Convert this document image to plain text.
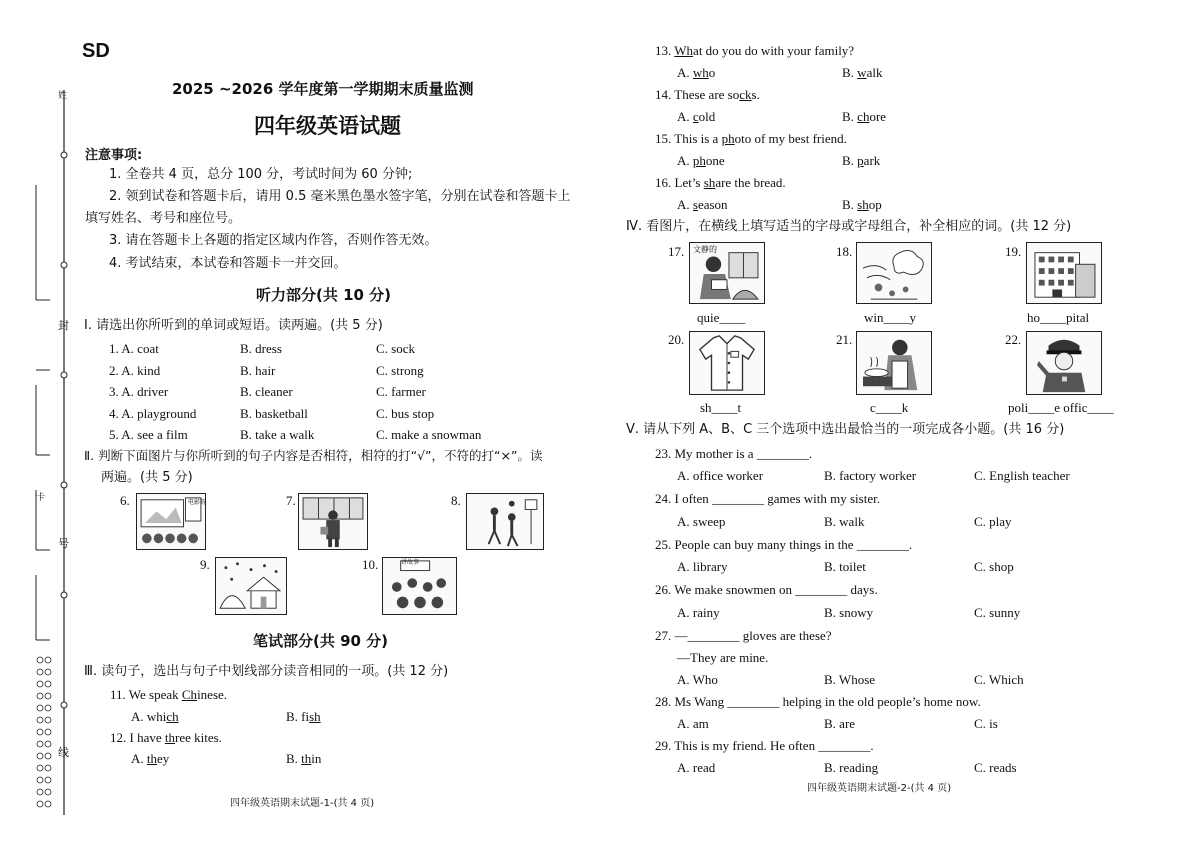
姓
封
号
线
卡
SD
2025 ~2026 学年度第一学期期末质量监测
四年级英语试题
注意事项:
1. 全卷共 4 页，总分 100 分，考试时间为 60 分钟;
2. 领到试卷和答题卡后，请用 0.5 毫米黑色墨水签字笔，分别在试卷和答题卡上
填写姓名、考号和座位号。
3. 请在答题卡上各题的指定区域内作答，否则作答无效。
4. 考试结束，本试卷和答题卡一并交回。
听力部分(共 10 分)
Ⅰ. 请选出你所听到的单词或短语。读两遍。(共 5 分)
1. A. coat	B. dress	C. sock
2. A. kind	B. hair	C. strong
3. A. driver	B. cleaner	C. farmer
4. A. playground	B. basketball	C. bus stop
5. A. see a film	B. take a walk	C. make a snowman
Ⅱ. 判断下面图片与你所听到的句子内容是否相符，相符的打“√”，不符的打“×”。读
两遍。(共 5 分)
6.	电影院	7.	8.
9.	10.	讲故事
笔试部分(共 90 分)
Ⅲ. 读句子，选出与句子中划线部分读音相同的一项。(共 12 分)
11. We speak Chinese.
A. which	B. fish
12. I have three kites.
A. they	B. thin
四年级英语期末试题-1-(共 4 页)
13. What do you do with your family?
A. who	B. walk
14. These are socks.
A. cold	B. chore
15. This is a photo of my best friend.
A. phone	B. park
16. Let’s share the bread.
A. season	B. shop
Ⅳ. 看图片，在横线上填写适当的字母或字母组合，补全相应的词。(共 12 分)
17. 文静的
quie____
18.
win____y
19.
ho____pital
20.
sh____t
21.
c____k
22.
poli____e offic____
Ⅴ. 请从下列 A、B、C 三个选项中选出最恰当的一项完成各小题。(共 16 分)
23. My mother is a ________.
A. office worker	B. factory worker	C. English teacher
24. I often ________ games with my sister.
A. sweep	B. walk	C. play
25. People can buy many things in the ________.
A. library	B. toilet	C. shop
26. We make snowmen on ________ days.
A. rainy	B. snowy	C. sunny
27. —________ gloves are these?
—They are mine.
A. Who	B. Whose	C. Which
28. Ms Wang ________ helping in the old people’s home now.
A. am	B. are	C. is
29. This is my friend. He often ________.
A. read	B. reading	C. reads
四年级英语期末试题-2-(共 4 页)
